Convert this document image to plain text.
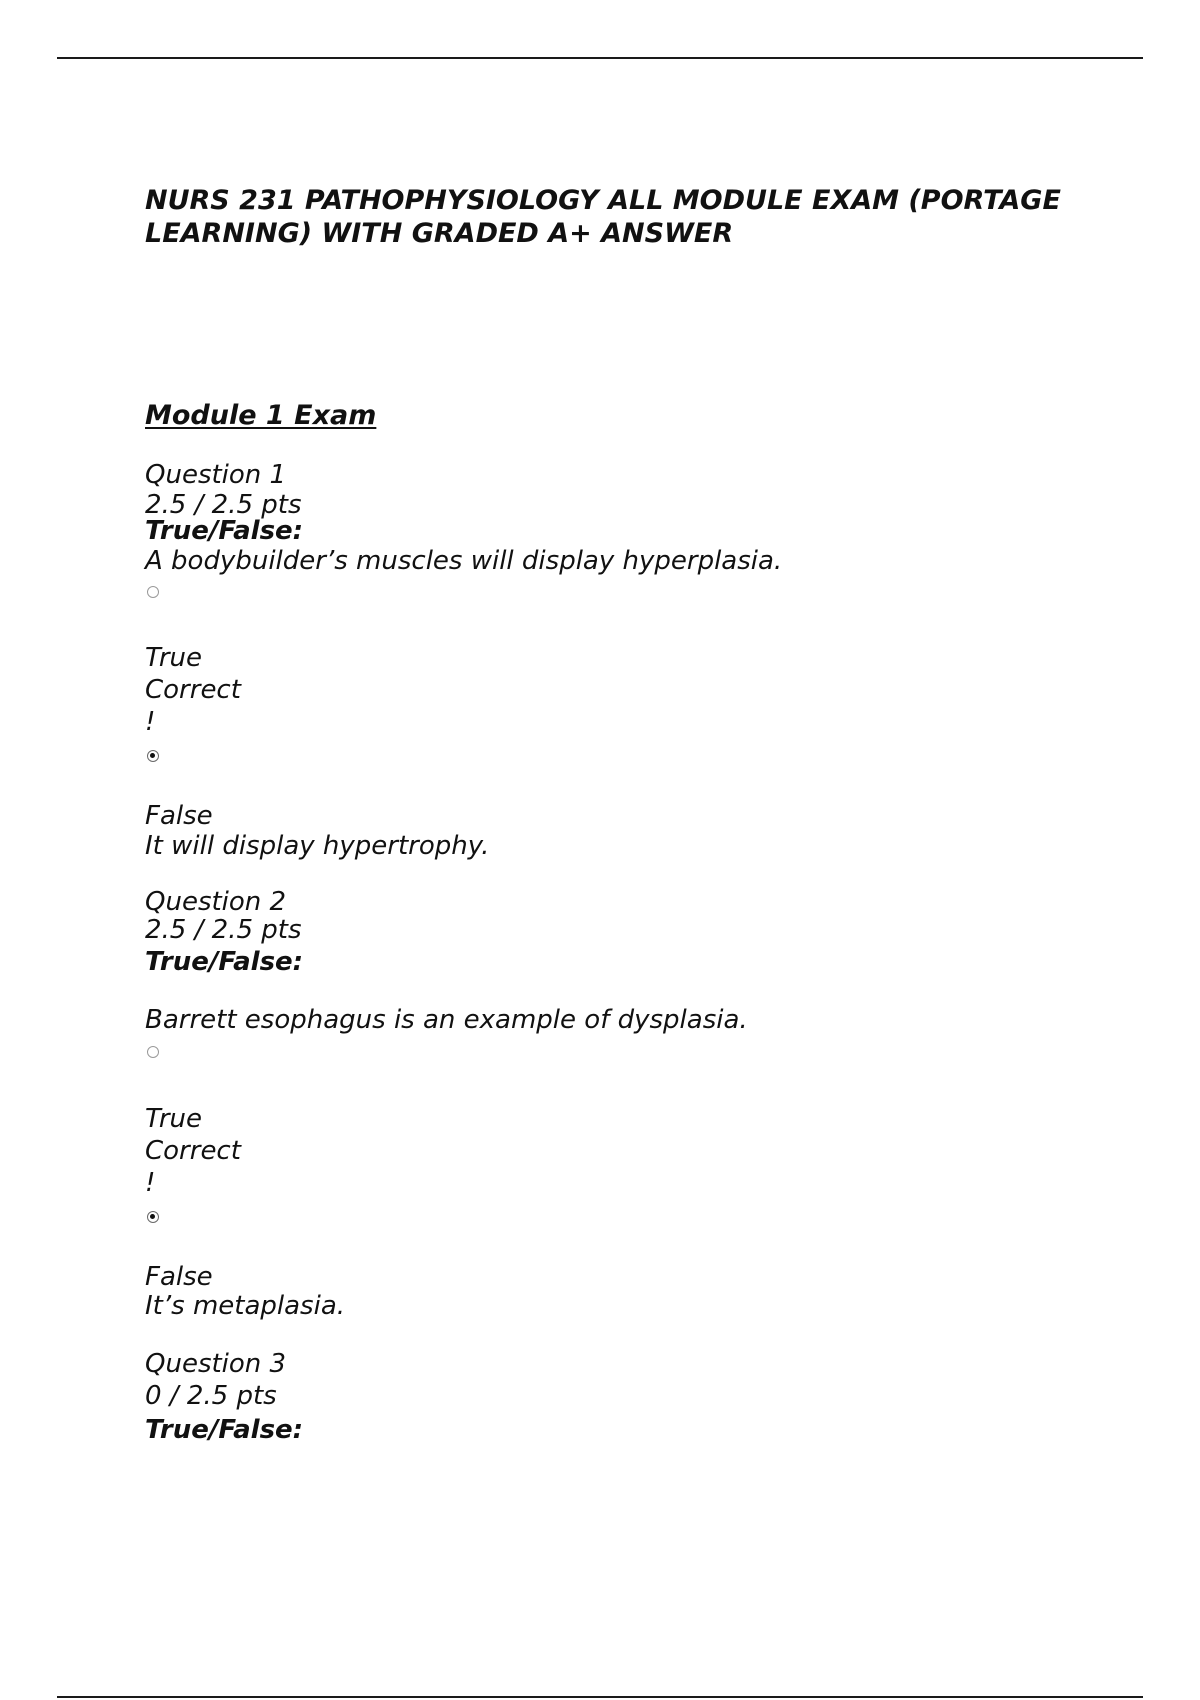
NURS 231 PATHOPHYSIOLOGY ALL MODULE EXAM (PORTAGE

LEARNING) WITH GRADED A+ ANSWER

Module 1 Exam

Question 1

2.5 / 2.5 pts

True/False:

A bodybuilder’s muscles will display hyperplasia.

True

Correct

!

False

It will display hypertrophy.

Question 2

2.5 / 2.5 pts

True/False:

Barrett esophagus is an example of dysplasia.

True

Correct

!

False

It’s metaplasia.

Question 3

0 / 2.5 pts

True/False:
